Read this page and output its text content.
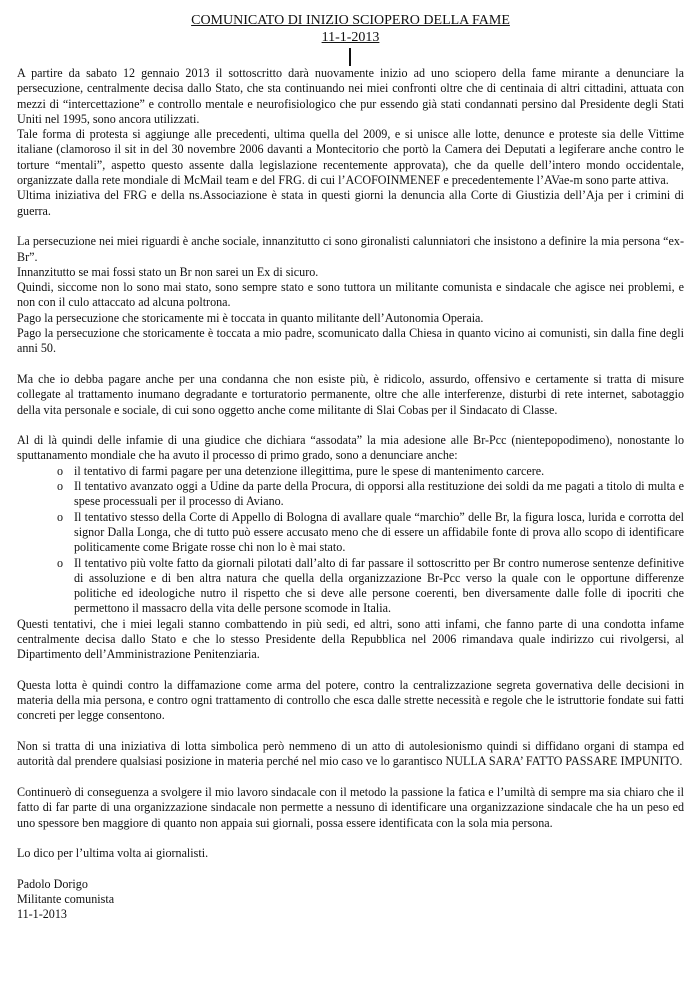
COMUNICATO DI INIZIO SCIOPERO DELLA FAME
11-1-2013

A partire da sabato 12 gennaio 2013 il sottoscritto darà nuovamente inizio ad uno sciopero della fame mirante a denunciare la persecuzione, centralmente decisa dallo Stato, che sta continuando nei miei confronti oltre che di centinaia di altri cittadini, attuata con mezzi di “intercettazione” e controllo mentale e neurofisiologico che pur essendo già stati condannati persino dal Presidente degli Stati Uniti nel 1995, sono ancora utilizzati.

Tale forma di protesta si aggiunge alle precedenti, ultima quella del 2009, e si unisce alle lotte, denunce e proteste sia delle Vittime italiane (clamoroso il sit in del 30 novembre 2006 davanti a Montecitorio che portò la Camera dei Deputati a legiferare anche contro le torture “mentali”, aspetto questo assente dalla legislazione recentemente approvata), che da quelle dell’intero mondo occidentale, organizzate dalla rete mondiale di McMail team e del FRG. di cui l’ACOFOINMENEF e precedentemente l’AVae-m sono parte attiva.

Ultima iniziativa del FRG e della ns.Associazione è stata in questi giorni la denuncia alla Corte di Giustizia dell’Aja per i crimini di guerra.

La persecuzione nei miei riguardi è anche sociale, innanzitutto ci sono gironalisti calunniatori che insistono a definire la mia persona “ex-Br”.

Innanzitutto se mai fossi stato un Br non sarei un Ex di sicuro.

Quindi, siccome non lo sono mai stato, sono sempre stato e sono tuttora un militante comunista e sindacale che agisce nei problemi, e non con il culo attaccato ad alcuna poltrona.

Pago la persecuzione che storicamente mi è toccata in quanto militante dell’Autonomia Operaia.

Pago la persecuzione che storicamente è toccata a mio padre, scomunicato dalla Chiesa in quanto vicino ai comunisti, sin dalla fine degli anni 50.

Ma che io debba pagare anche per una condanna che non esiste più, è ridicolo, assurdo, offensivo e certamente si tratta di misure collegate al trattamento inumano degradante e torturatorio permanente, oltre che alle interferenze, disturbi di rete internet, sabotaggio della vita personale e sociale, di cui sono oggetto anche come militante di Slai Cobas per il Sindacato di Classe.

Al di là quindi delle infamie di una giudice che dichiara “assodata” la mia adesione alle Br-Pcc (nientepopodimeno), nonostante lo sputtanamento mondiale che ha avuto il processo di primo grado, sono a denunciare anche:

o il tentativo di farmi pagare per una detenzione illegittima, pure le spese di mantenimento carcere.
o Il tentativo avanzato oggi a Udine da parte della Procura, di opporsi alla restituzione dei soldi da me pagati a titolo di multa e spese processuali per il processo di Aviano.
o Il tentativo stesso della Corte di Appello di Bologna di avallare quale “marchio” delle Br, la figura losca, lurida e corrotta del signor Dalla Longa, che di tutto può essere accusato meno che di essere un affidabile fonte di prova allo scopo di identificare politicamente come Brigate rosse chi non lo è mai stato.
o Il tentativo più volte fatto da giornali pilotati dall’alto di far passare il sottoscritto per Br contro numerose sentenze definitive di assoluzione e di ben altra natura che quella della organizzazione Br-Pcc verso la quale con le opportune differenze politiche ed ideologiche nutro il rispetto che si deve alle persone coerenti, ben diversamente dalle folle di ipocriti che permettono il massacro della vita delle persone scomode in Italia.

Questi tentativi, che i miei legali stanno combattendo in più sedi, ed altri, sono atti infami, che fanno parte di una condotta infame centralmente decisa dallo Stato e che lo stesso Presidente della Repubblica nel 2006 rimandava quale indirizzo cui rivolgersi, al Dipartimento dell’Amministrazione Penitenziaria.

Questa lotta è quindi contro la diffamazione come arma del potere, contro la centralizzazione segreta governativa delle decisioni in materia della mia persona, e contro ogni trattamento di controllo che esca dalle strette necessità e regole che le istruttorie fondate sui fatti concreti per legge consentono.

Non si tratta di una iniziativa di lotta simbolica però nemmeno di un atto di autolesionismo quindi si diffidano organi di stampa ed autorità dal prendere qualsiasi posizione in materia perché nel mio caso ve lo garantisco NULLA SARA’ FATTO PASSARE IMPUNITO.

Continuerò di conseguenza a svolgere il mio lavoro sindacale con il metodo la passione la fatica e l’umiltà di sempre ma sia chiaro che il fatto di far parte di una organizzazione sindacale non permette a nessuno di identificare una organizzazione sindacale che ha un peso ed uno spessore ben maggiore di quanto non appaia sui giornali, possa essere identificata con la sola mia persona.

Lo dico per l’ultima volta ai giornalisti.

Padolo Dorigo

Militante comunista

11-1-2013
